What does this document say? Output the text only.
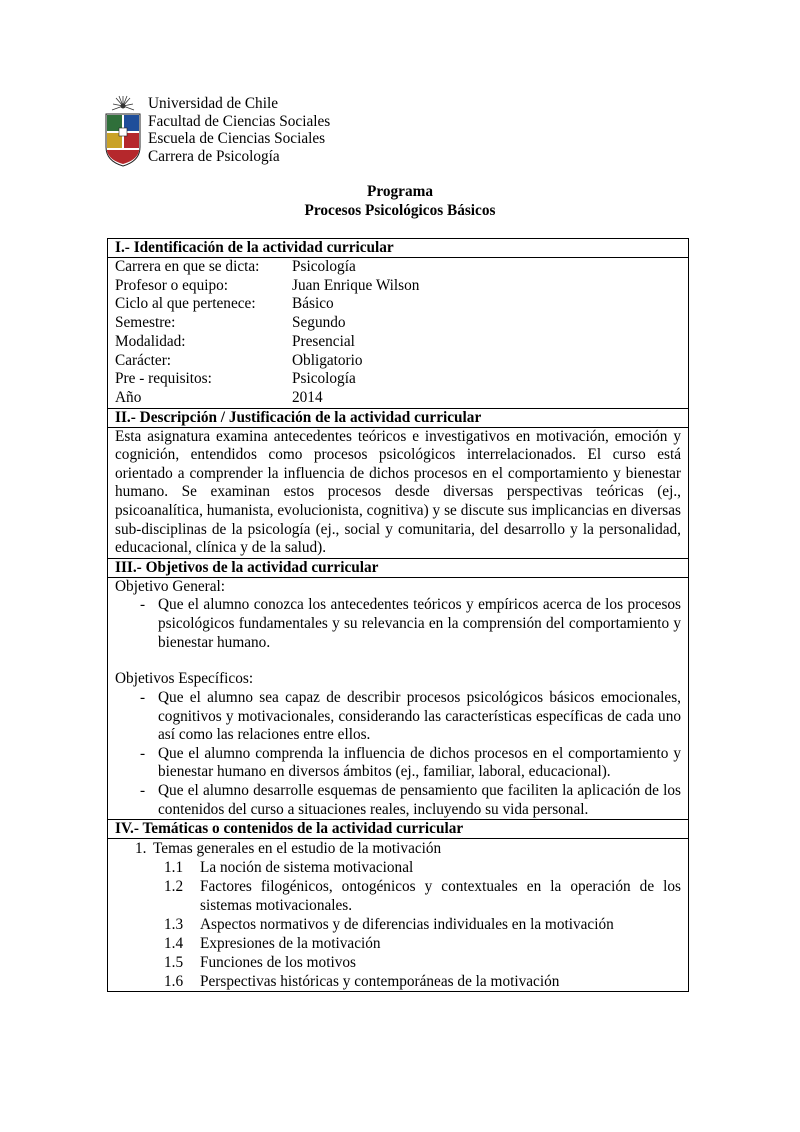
Universidad de Chile
Facultad de Ciencias Sociales
Escuela de Ciencias Sociales
Carrera de Psicología
Programa
Procesos Psicológicos Básicos
I.- Identificación de la actividad curricular

Carrera en que se dicta:	Psicología
Profesor o equipo:	Juan Enrique Wilson
Ciclo al que pertenece:	Básico
Semestre:	Segundo
Modalidad:	Presencial
Carácter:	Obligatorio
Pre - requisitos:	Psicología
Año	2014

II.- Descripción / Justificación de la actividad curricular
Esta asignatura examina antecedentes teóricos e investigativos en motivación, emoción y cognición, entendidos como procesos psicológicos interrelacionados. El curso está orientado a comprender la influencia de dichos procesos en el comportamiento y bienestar humano. Se examinan estos procesos desde diversas perspectivas teóricas (ej., psicoanalítica, humanista, evolucionista, cognitiva) y se discute sus implicancias en diversas sub-disciplinas de la psicología (ej., social y comunitaria, del desarrollo y la personalidad, educacional, clínica y de la salud).
III.- Objetivos de la actividad curricular

Objetivo General:
- Que el alumno conozca los antecedentes teóricos y empíricos acerca de los procesos psicológicos fundamentales y su relevancia en la comprensión del comportamiento y bienestar humano.
Objetivos Específicos:
- Que el alumno sea capaz de describir procesos psicológicos básicos emocionales, cognitivos y motivacionales, considerando las características específicas de cada uno así como las relaciones entre ellos.
- Que el alumno comprenda la influencia de dichos procesos en el comportamiento y bienestar humano en diversos ámbitos (ej., familiar, laboral, educacional).
- Que el alumno desarrolle esquemas de pensamiento que faciliten la aplicación de los contenidos del curso a situaciones reales, incluyendo su vida personal.

IV.- Temáticas o contenidos de la actividad curricular

1. Temas generales en el estudio de la motivación
1.1 La noción de sistema motivacional
1.2 Factores filogénicos, ontogénicos y contextuales en la operación de los sistemas motivacionales.
1.3 Aspectos normativos y de diferencias individuales en la motivación
1.4 Expresiones de la motivación
1.5 Funciones de los motivos
1.6 Perspectivas históricas y contemporáneas de la motivación
